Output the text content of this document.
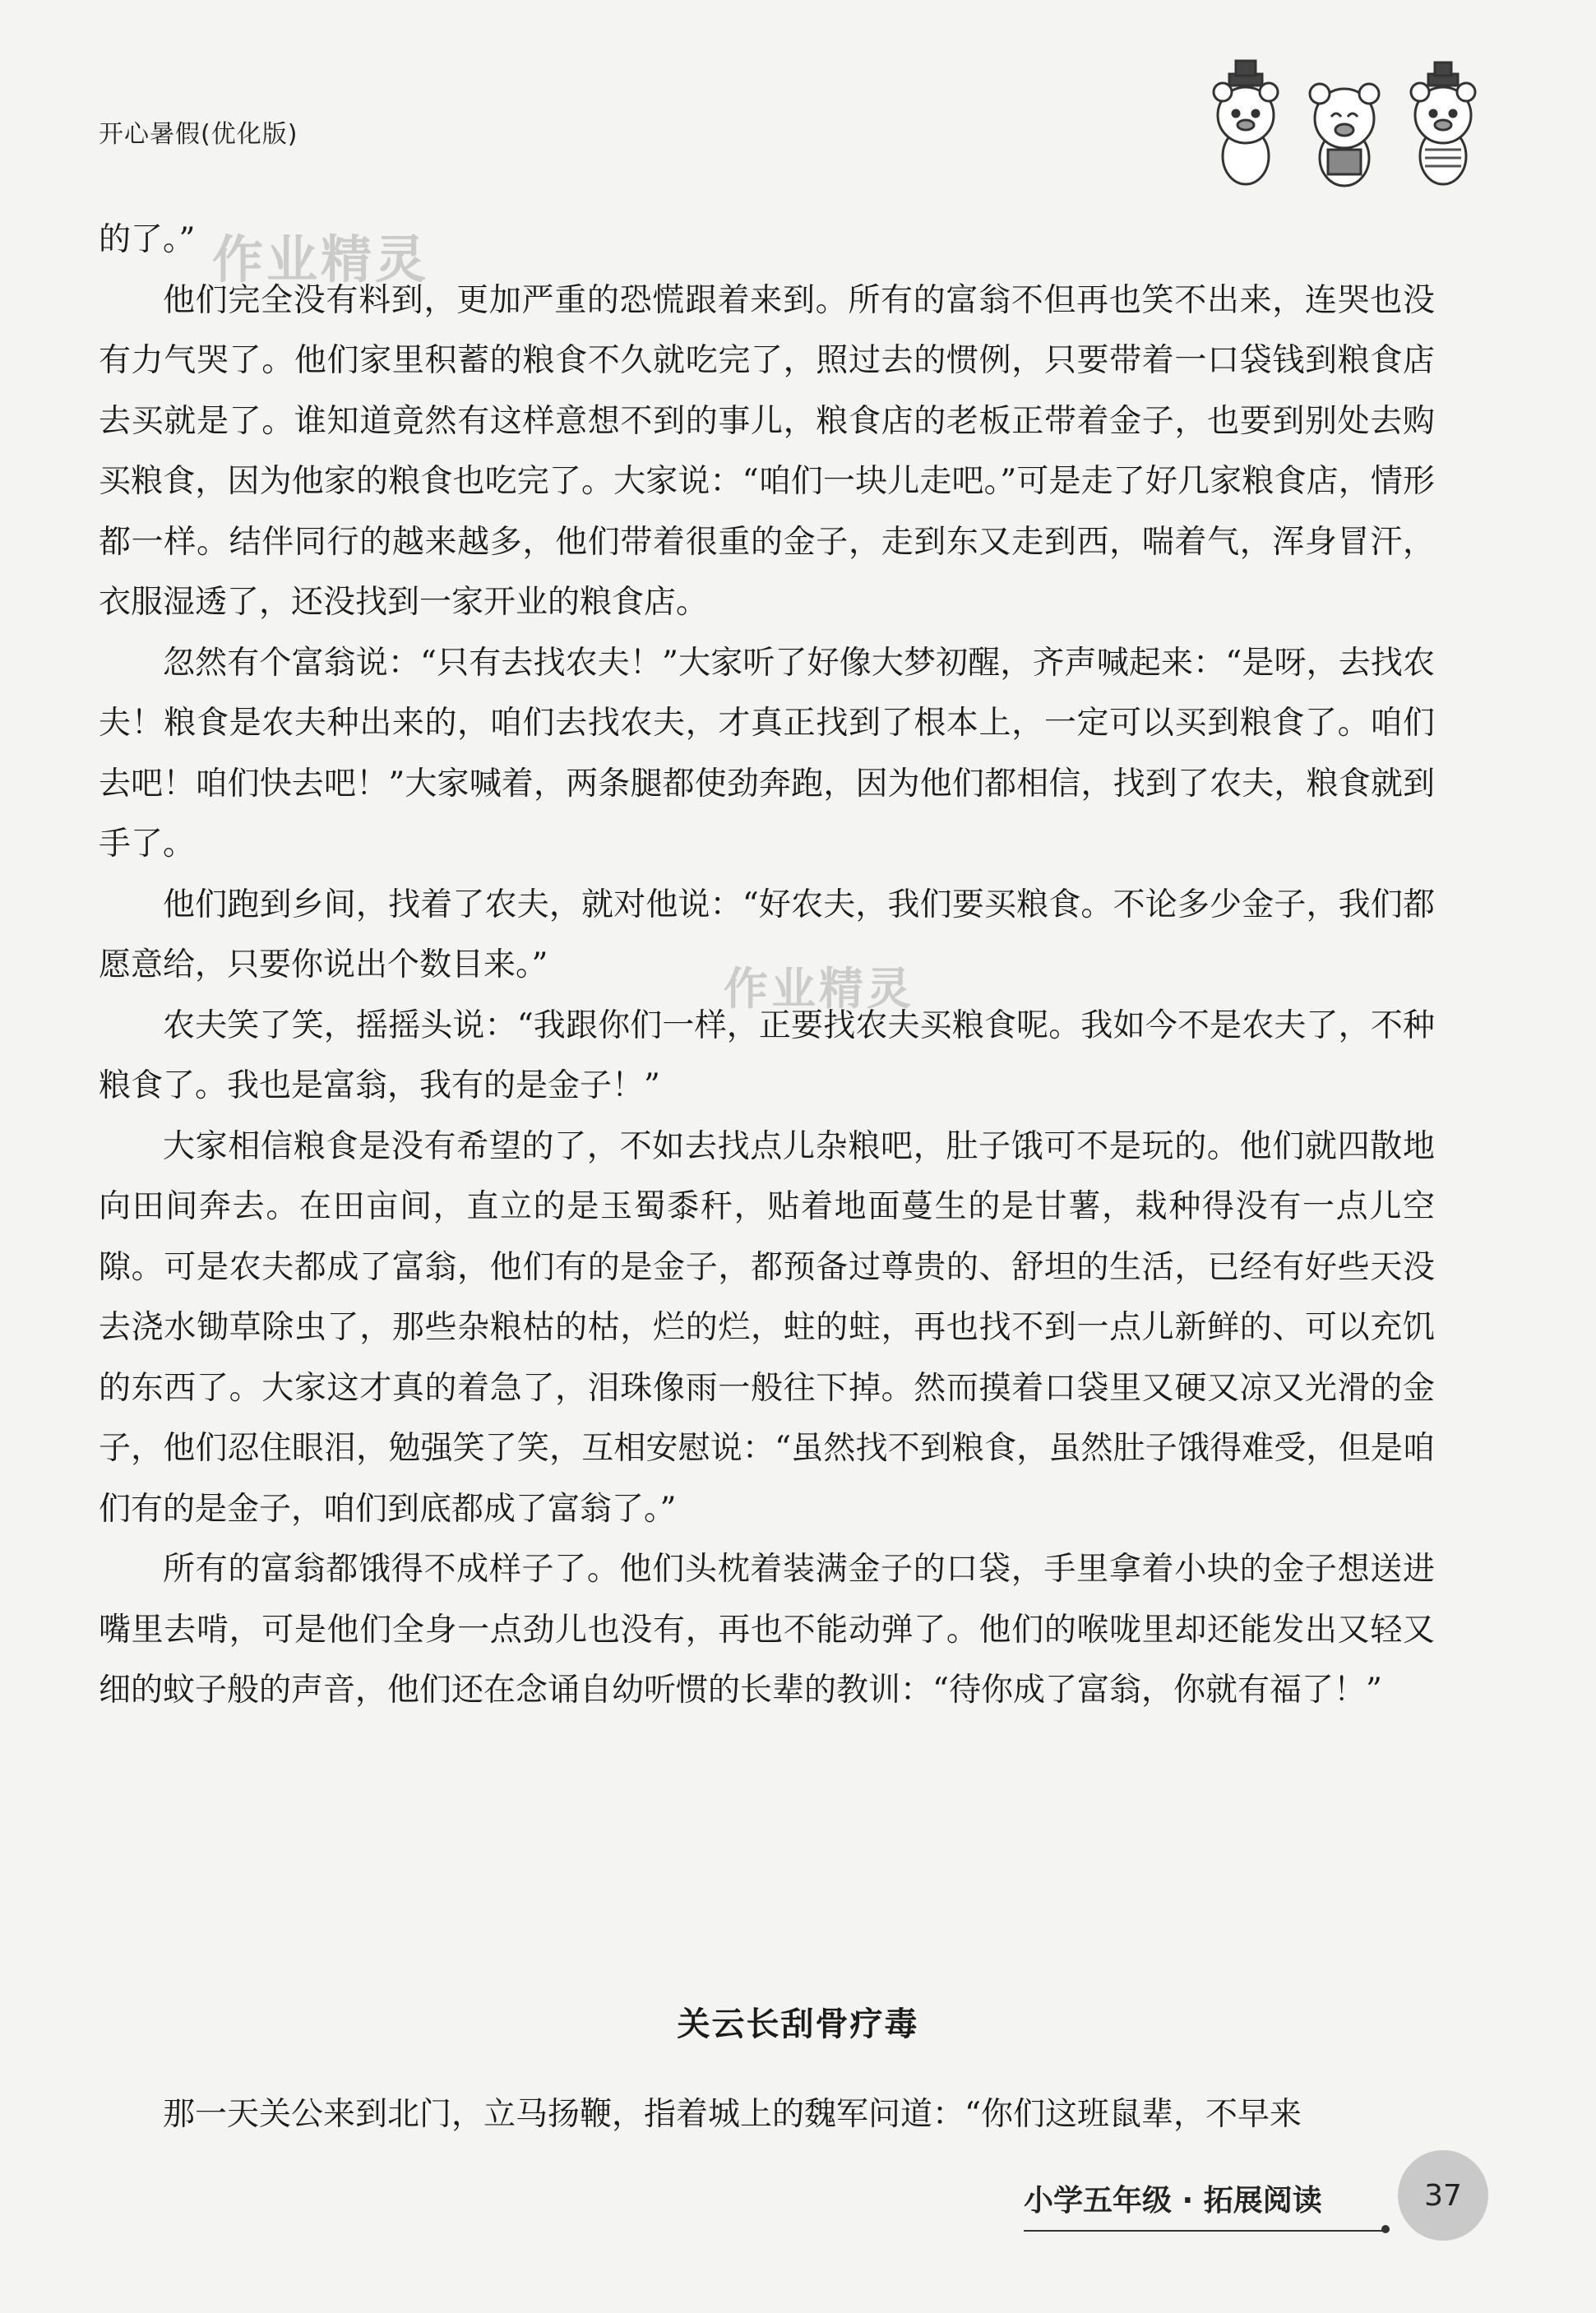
开心暑假(优化版)
作业精灵
作业精灵

的了。”

他们完全没有料到，更加严重的恐慌跟着来到。所有的富翁不但再也笑不出来，连哭也没有力气哭了。他们家里积蓄的粮食不久就吃完了，照过去的惯例，只要带着一口袋钱到粮食店去买就是了。谁知道竟然有这样意想不到的事儿，粮食店的老板正带着金子，也要到别处去购买粮食，因为他家的粮食也吃完了。大家说：“咱们一块儿走吧。”可是走了好几家粮食店，情形都一样。结伴同行的越来越多，他们带着很重的金子，走到东又走到西，喘着气，浑身冒汗，衣服湿透了，还没找到一家开业的粮食店。

忽然有个富翁说：“只有去找农夫！”大家听了好像大梦初醒，齐声喊起来：“是呀，去找农夫！粮食是农夫种出来的，咱们去找农夫，才真正找到了根本上，一定可以买到粮食了。咱们去吧！咱们快去吧！”大家喊着，两条腿都使劲奔跑，因为他们都相信，找到了农夫，粮食就到手了。

他们跑到乡间，找着了农夫，就对他说：“好农夫，我们要买粮食。不论多少金子，我们都愿意给，只要你说出个数目来。”

农夫笑了笑，摇摇头说：“我跟你们一样，正要找农夫买粮食呢。我如今不是农夫了，不种粮食了。我也是富翁，我有的是金子！”

大家相信粮食是没有希望的了，不如去找点儿杂粮吧，肚子饿可不是玩的。他们就四散地向田间奔去。在田亩间，直立的是玉蜀黍秆，贴着地面蔓生的是甘薯，栽种得没有一点儿空隙。可是农夫都成了富翁，他们有的是金子，都预备过尊贵的、舒坦的生活，已经有好些天没去浇水锄草除虫了，那些杂粮枯的枯，烂的烂，蛀的蛀，再也找不到一点儿新鲜的、可以充饥的东西了。大家这才真的着急了，泪珠像雨一般往下掉。然而摸着口袋里又硬又凉又光滑的金子，他们忍住眼泪，勉强笑了笑，互相安慰说：“虽然找不到粮食，虽然肚子饿得难受，但是咱们有的是金子，咱们到底都成了富翁了。”

所有的富翁都饿得不成样子了。他们头枕着装满金子的口袋，手里拿着小块的金子想送进嘴里去啃，可是他们全身一点劲儿也没有，再也不能动弹了。他们的喉咙里却还能发出又轻又细的蚊子般的声音，他们还在念诵自幼听惯的长辈的教训：“待你成了富翁，你就有福了！”

关云长刮骨疗毒
那一天关公来到北门，立马扬鞭，指着城上的魏军问道：“你们这班鼠辈，不早来
小学五年级 · 拓展阅读	37
